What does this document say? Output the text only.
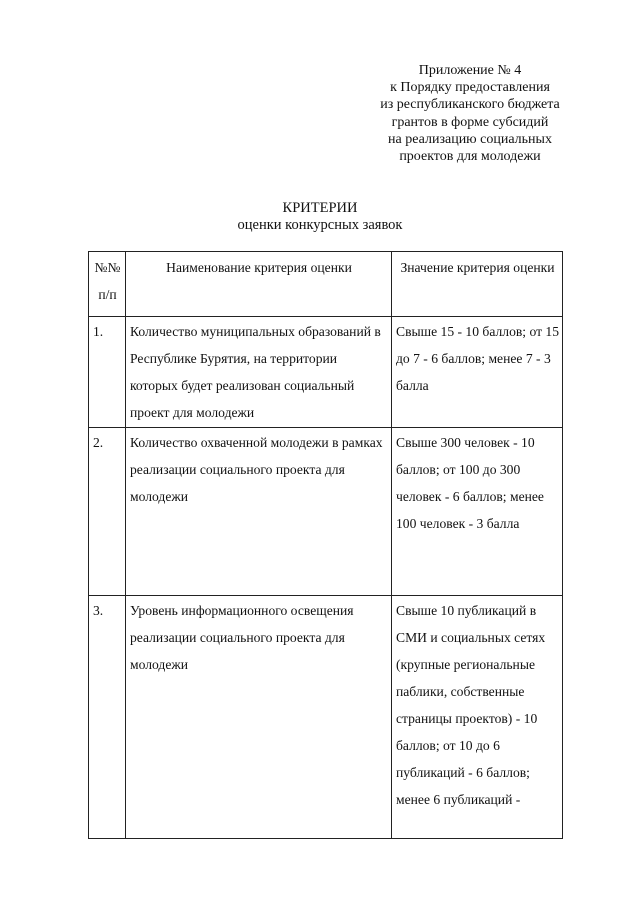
Приложение № 4
к Порядку предоставления
из республиканского бюджета
грантов в форме субсидий
на реализацию социальных
проектов для молодежи
КРИТЕРИИ
оценки конкурсных заявок
№№ п/п	Наименование критерия оценки	Значение критерия оценки
1.	Количество муниципальных образований в Республике Бурятия, на территории которых будет реализован социальный проект для молодежи	Свыше 15 - 10 баллов; от 15 до 7 - 6 баллов; менее 7 - 3 балла
2.	Количество охваченной молодежи в рамках реализации социального проекта для молодежи	Свыше 300 человек - 10 баллов; от 100 до 300 человек - 6 баллов; менее 100 человек - 3 балла
3.	Уровень информационного освещения реализации социального проекта для молодежи	Свыше 10 публикаций в СМИ и социальных сетях (крупные региональные паблики, собственные страницы проектов) - 10 баллов; от 10 до 6 публикаций - 6 баллов; менее 6 публикаций -
